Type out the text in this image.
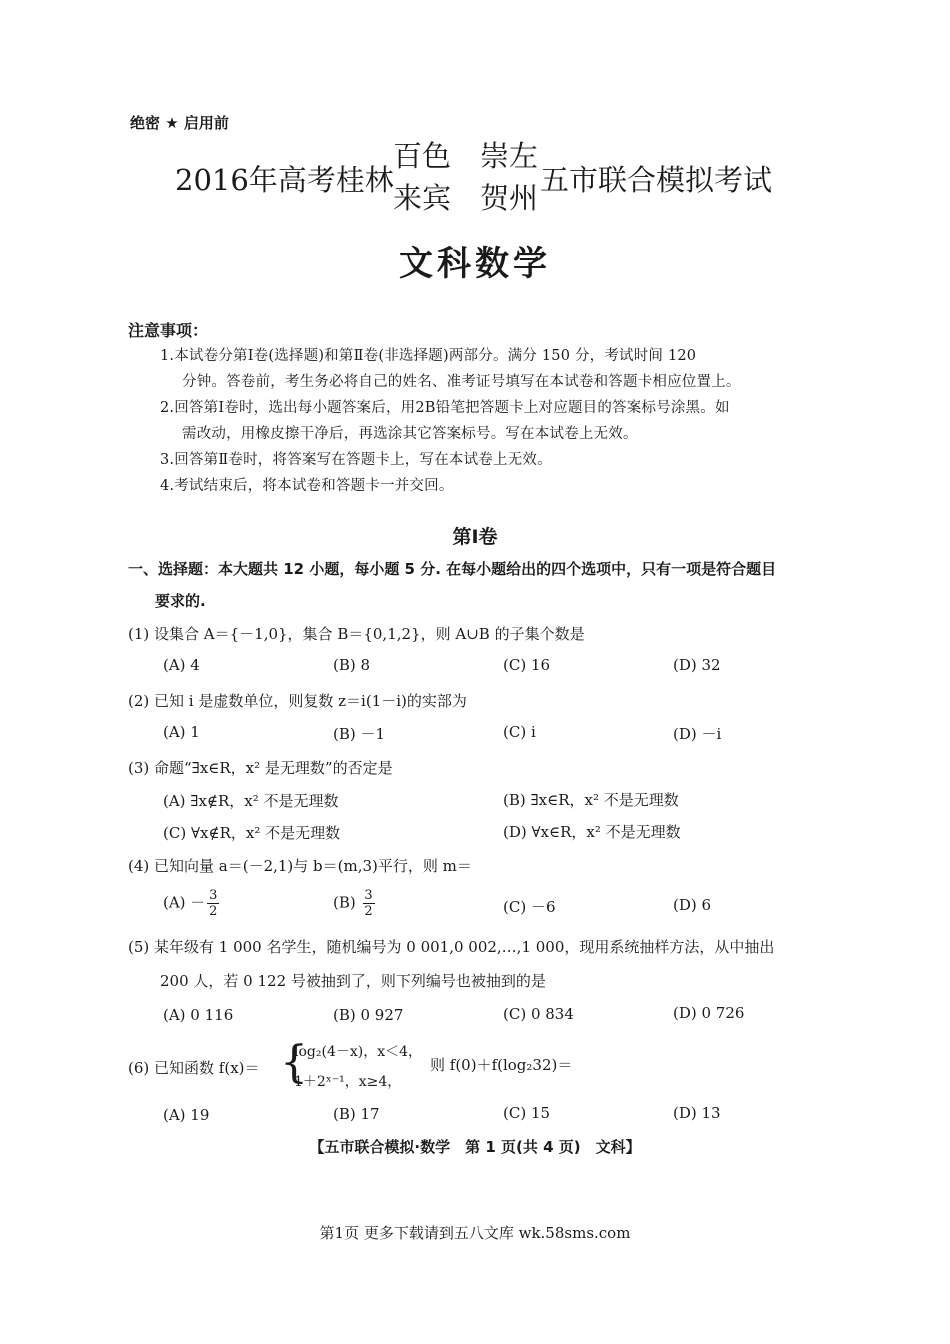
绝密 ★ 启用前
2016年高考桂林
百色　崇左
来宾　贺州
五市联合模拟考试
文科数学
注意事项：
1.本试卷分第Ⅰ卷(选择题)和第Ⅱ卷(非选择题)两部分。满分 150 分，考试时间 120
分钟。答卷前，考生务必将自己的姓名、准考证号填写在本试卷和答题卡相应位置上。
2.回答第Ⅰ卷时，选出每小题答案后，用2B铅笔把答题卡上对应题目的答案标号涂黑。如
需改动，用橡皮擦干净后，再选涂其它答案标号。写在本试卷上无效。
3.回答第Ⅱ卷时，将答案写在答题卡上，写在本试卷上无效。
4.考试结束后，将本试卷和答题卡一并交回。
第Ⅰ卷
一、选择题：本大题共 12 小题，每小题 5 分. 在每小题给出的四个选项中，只有一项是符合题目
要求的.
(1) 设集合 A＝{－1,0}，集合 B＝{0,1,2}，则 A∪B 的子集个数是
(A) 4	(B) 8	(C) 16	(D) 32
(2) 已知 i 是虚数单位，则复数 z＝i(1－i)的实部为
(A) 1	(B) －1	(C) i	(D) －i
(3) 命题“∃x∈R，x² 是无理数”的否定是
(A) ∃x∉R，x² 不是无理数	(B) ∃x∈R，x² 不是无理数
(C) ∀x∉R，x² 不是无理数	(D) ∀x∈R，x² 不是无理数
(4) 已知向量 a＝(－2,1)与 b＝(m,3)平行，则 m＝
$(A) - \frac{3}{2}$	$(B) \frac{3}{2}$	(C) －6	(D) 6
(5) 某年级有 1 000 名学生，随机编号为 0 001,0 002,…,1 000，现用系统抽样方法，从中抽出
200 人，若 0 122 号被抽到了，则下列编号也被抽到的是
(A) 0 116	(B) 0 927	(C) 0 834	(D) 0 726
(6) 已知函数 f(x)＝ {
log₂(4－x)，x＜4，
1＋2ˣ⁻¹，x≥4，
则 f(0)＋f(log₂32)＝
(A) 19	(B) 17	(C) 15	(D) 13
【五市联合模拟·数学　第 1 页(共 4 页)　文科】
第1页 更多下载请到五八文库 wk.58sms.com
